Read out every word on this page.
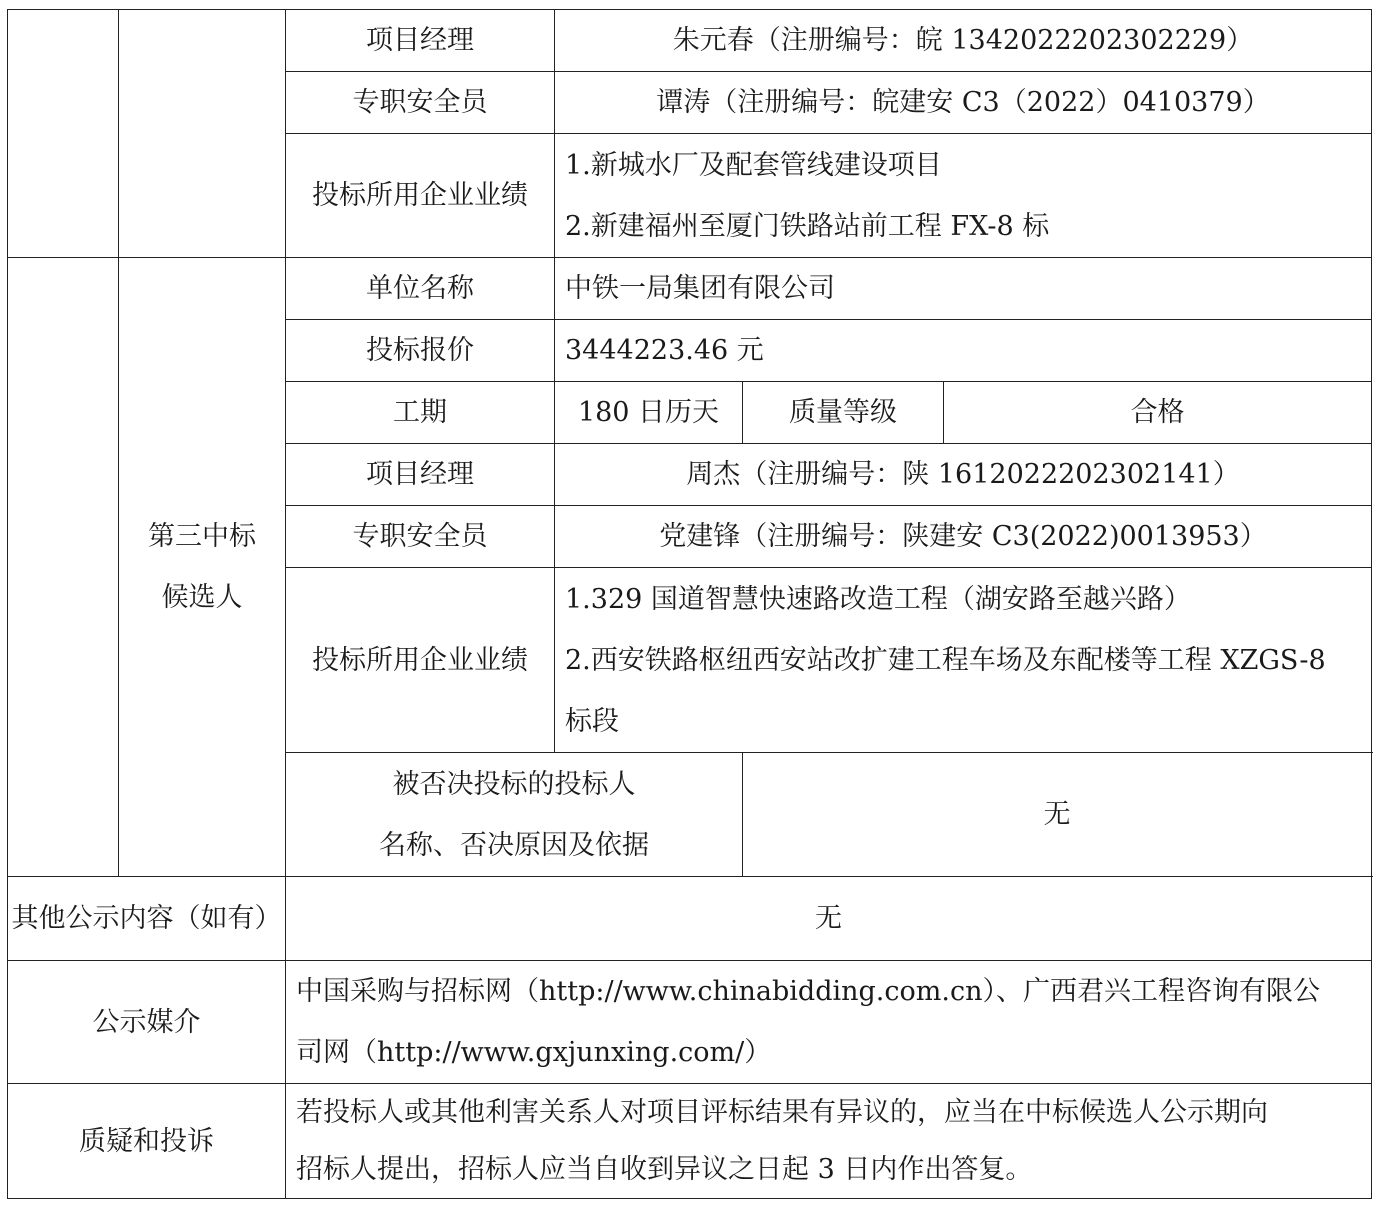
		项目经理	朱元春（注册编号：皖 1342022202302229）		
		专职安全员	谭涛（注册编号：皖建安 C3（2022）0410379）		
		投标所用企业业绩	1.新城水厂及配套管线建设项目
2.新建福州至厦门铁路站前工程 FX-8 标		

	第三中标
候选人	单位名称	中铁一局集团有限公司		
		投标报价	3444223.46 元		
		工期	180 日历天	质量等级	合格
		项目经理	周杰（注册编号：陕 1612022202302141）		
		专职安全员	党建锋（注册编号：陕建安 C3(2022)0013953）		
		投标所用企业业绩	1.329 国道智慧快速路改造工程（湖安路至越兴路）
2.西安铁路枢纽西安站改扩建工程车场及东配楼等工程 XZGS-8
标段		

		被否决投标的投标人
名称、否决原因及依据		无	
其他公示内容（如有）		无			
公示媒介		中国采购与招标网（http://www.chinabidding.com.cn）、广西君兴工程咨询有限公
司网（http://www.gxjunxing.com/）			

质疑和投诉		若投标人或其他利害关系人对项目评标结果有异议的，应当在中标候选人公示期向
招标人提出，招标人应当自收到异议之日起 3 日内作出答复。			
